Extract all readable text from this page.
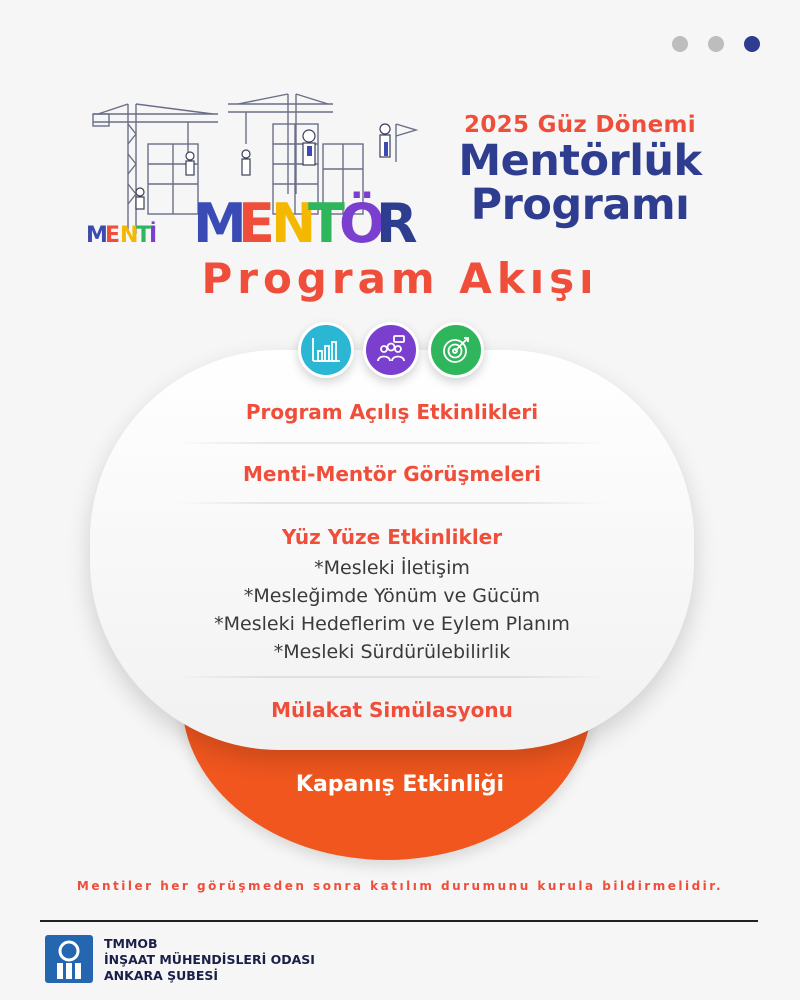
M
E N
T
İ M
E
N
T
Ö
R
2025 Güz Dönemi
Mentörlük
Programı
Program Akışı
Kapanış Etkinliği
Program Açılış Etkinlikleri
Menti-Mentör Görüşmeleri
Yüz Yüze Etkinlikler
*Mesleki İletişim
*Mesleğimde Yönüm ve Gücüm
*Mesleki Hedeflerim ve Eylem Planım
*Mesleki Sürdürülebilirlik
Mülakat Simülasyonu
Mentiler her görüşmeden sonra katılım durumunu kurula bildirmelidir.
TMMOB
İNŞAAT MÜHENDİSLERİ ODASI
ANKARA ŞUBESİ
